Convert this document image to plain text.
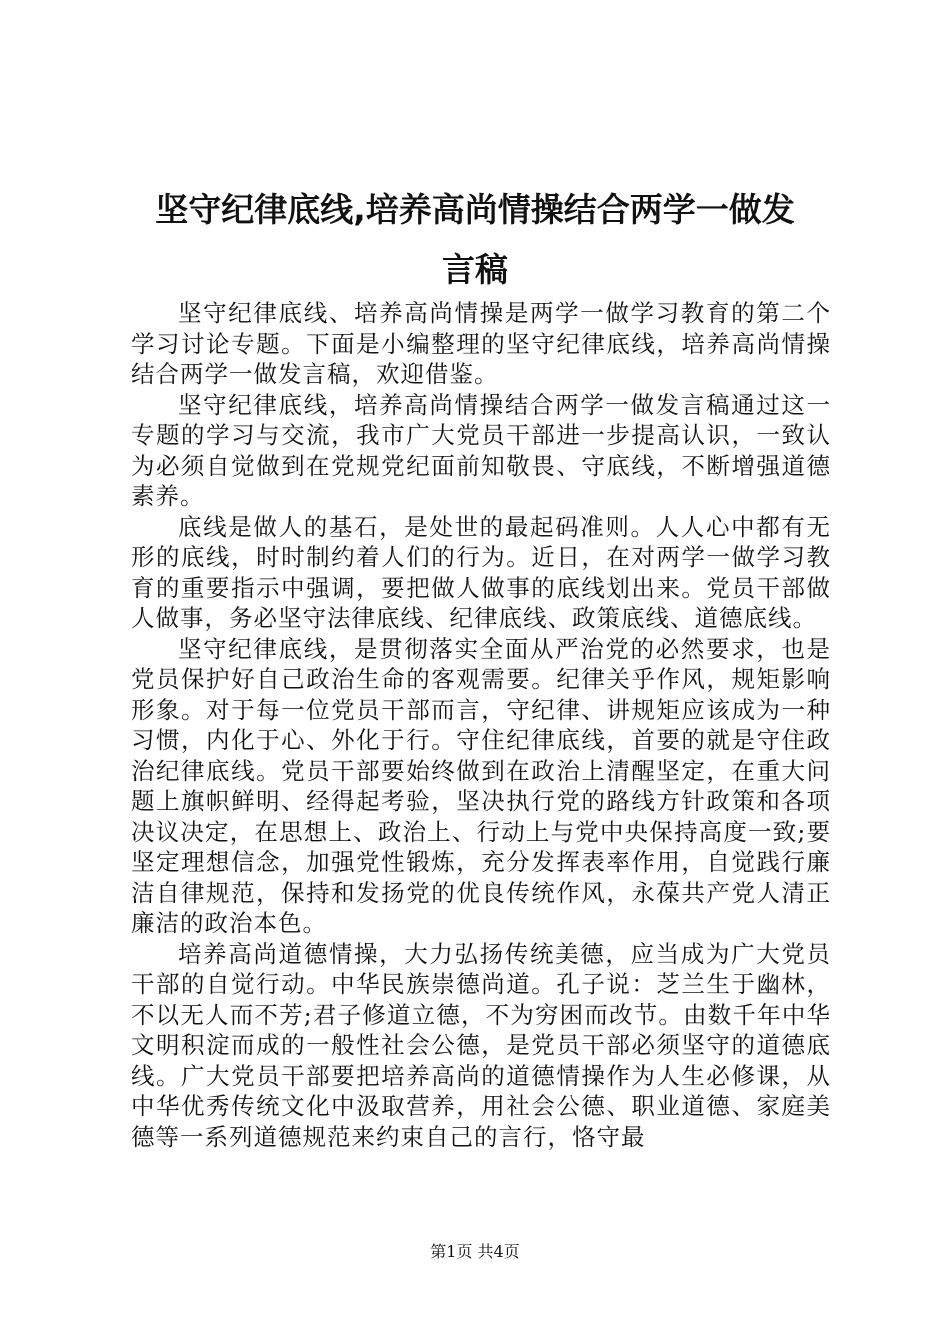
坚守纪律底线,培养高尚情操结合两学一做发
言稿

坚守纪律底线、培养高尚情操是两学一做学习教育的第二个学习讨论专题。下面是小编整理的坚守纪律底线，培养高尚情操结合两学一做发言稿，欢迎借鉴。

坚守纪律底线，培养高尚情操结合两学一做发言稿通过这一专题的学习与交流，我市广大党员干部进一步提高认识，一致认为必须自觉做到在党规党纪面前知敬畏、守底线，不断增强道德素养。

底线是做人的基石，是处世的最起码准则。人人心中都有无形的底线，时时制约着人们的行为。近日，在对两学一做学习教育的重要指示中强调，要把做人做事的底线划出来。党员干部做人做事，务必坚守法律底线、纪律底线、政策底线、道德底线。

坚守纪律底线，是贯彻落实全面从严治党的必然要求，也是党员保护好自己政治生命的客观需要。纪律关乎作风，规矩影响形象。对于每一位党员干部而言，守纪律、讲规矩应该成为一种习惯，内化于心、外化于行。守住纪律底线，首要的就是守住政治纪律底线。党员干部要始终做到在政治上清醒坚定，在重大问题上旗帜鲜明、经得起考验，坚决执行党的路线方针政策和各项决议决定，在思想上、政治上、行动上与党中央保持高度一致;要坚定理想信念，加强党性锻炼，充分发挥表率作用，自觉践行廉洁自律规范，保持和发扬党的优良传统作风，永葆共产党人清正廉洁的政治本色。

培养高尚道德情操，大力弘扬传统美德，应当成为广大党员干部的自觉行动。中华民族崇德尚道。孔子说：芝兰生于幽林，不以无人而不芳;君子修道立德，不为穷困而改节。由数千年中华文明积淀而成的一般性社会公德，是党员干部必须坚守的道德底线。广大党员干部要把培养高尚的道德情操作为人生必修课，从中华优秀传统文化中汲取营养，用社会公德、职业道德、家庭美德等一系列道德规范来约束自己的言行，恪守最

第1页 共4页
